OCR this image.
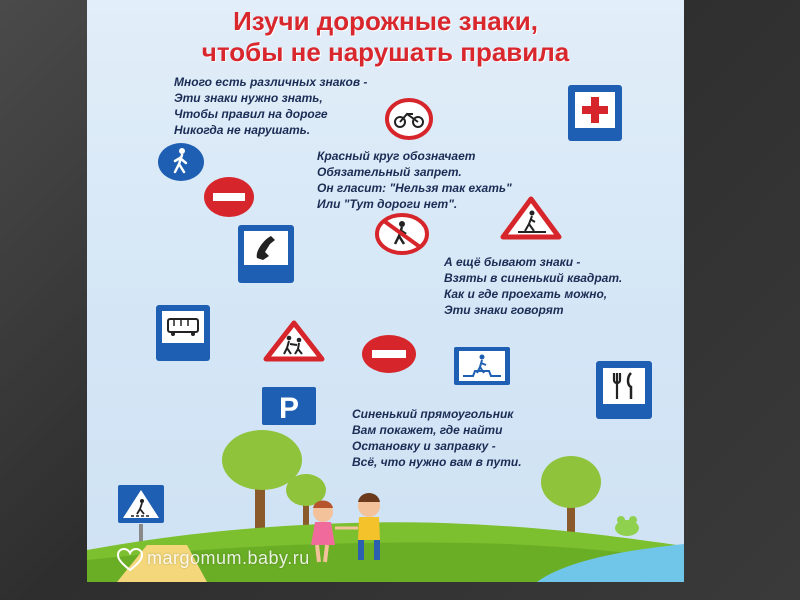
Изучи дорожные знаки,
чтобы не нарушать правила
Много есть различных знаков -
Эти знаки нужно знать,
Чтобы правил на дороге
Никогда не нарушать.
Красный круг обозначает
Обязательный запрет.
Он гласит: "Нельзя так ехать"
Или "Тут дороги нет".
А ещё бывают знаки -
Взяты в синенький квадрат.
Как и где проехать можно,
Эти знаки говорят
Синенький прямоугольник
Вам покажет, где найти
Остановку и заправку -
Всё, что нужно вам в пути.
P
margomum.baby.ru
